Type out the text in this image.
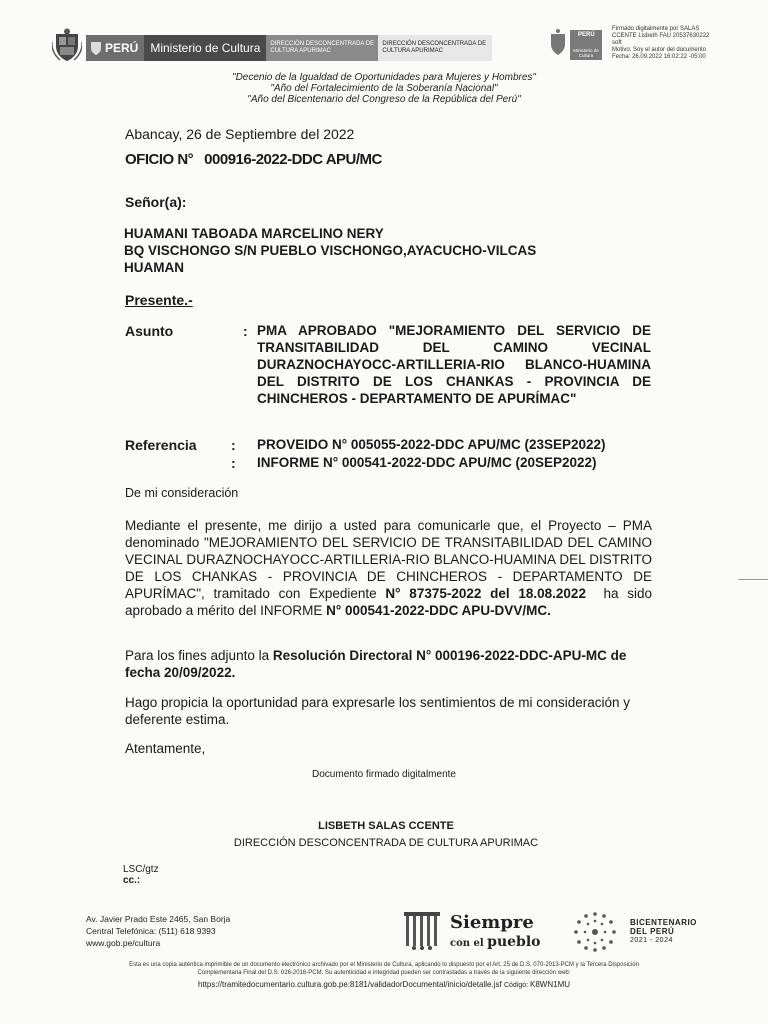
PERÚ	Ministerio de Cultura	DIRECCIÓN DESCONCENTRADA DE CULTURA APURIMAC
DIRECCIÓN DESCONCENTRADA DE CULTURA APURIMAC
PERÚ
Ministerio de Cultura
Firmado digitalmente por SALAS
CCENTE Lisbeth FAU 20537630222
soft
Motivo: Soy el autor del documento
Fecha: 26.09.2022 16:02:22 -05:00
"Decenio de la Igualdad de Oportunidades para Mujeres y Hombres"
"Año del Fortalecimiento de la Soberanía Nacional"
"Año del Bicentenario del Congreso de la República del Perú"
Abancay, 26 de Septiembre del 2022
OFICIO N°   000916-2022-DDC APU/MC
Señor(a):
HUAMANI TABOADA MARCELINO NERY
BQ VISCHONGO S/N PUEBLO VISCHONGO,AYACUCHO-VILCAS
HUAMAN
Presente.-
Asunto	: PMA APROBADO "MEJORAMIENTO DEL SERVICIO DE TRANSITABILIDAD DEL CAMINO VECINAL DURAZNOCHAYOCC-ARTILLERIA-RIO BLANCO-HUAMINA DEL DISTRITO DE LOS CHANKAS - PROVINCIA DE CHINCHEROS - DEPARTAMENTO DE APURÍMAC"
Referencia : PROVEIDO N° 005055-2022-DDC APU/MC (23SEP2022)
: INFORME N° 000541-2022-DDC APU/MC (20SEP2022)
De mi consideración
Mediante el presente, me dirijo a usted para comunicarle que, el Proyecto – PMA denominado "MEJORAMIENTO DEL SERVICIO DE TRANSITABILIDAD DEL CAMINO VECINAL DURAZNOCHAYOCC-ARTILLERIA-RIO BLANCO-HUAMINA DEL DISTRITO DE LOS CHANKAS - PROVINCIA DE CHINCHEROS - DEPARTAMENTO DE APURÍMAC", tramitado con Expediente N° 87375-2022 del 18.08.2022  ha sido aprobado a mérito del INFORME N° 000541-2022-DDC APU-DVV/MC.
Para los fines adjunto la Resolución Directoral N° 000196-2022-DDC-APU-MC de fecha 20/09/2022.
Hago propicia la oportunidad para expresarle los sentimientos de mi consideración y deferente estima.
Atentamente,
Documento firmado digitalmente
LISBETH SALAS CCENTE
DIRECCIÓN DESCONCENTRADA DE CULTURA APURIMAC
LSC/gtz
cc.:
Av. Javier Prado Este 2465, San Borja
Central Telefónica: (511) 618 9393
www.gob.pe/cultura
Siempre
con el pueblo
BICENTENARIO
DEL PERÚ
2021 - 2024
Esta es una copia auténtica imprimible de un documento electrónico archivado por el Ministerio de Cultura, aplicando lo dispuesto por el Art. 25 de D.S. 070-2013-PCM y la Tercera Disposición
Complementaria Final del D.S. 026-2016-PCM. Su autenticidad e integridad pueden ser contrastadas a través de la siguiente dirección web:
https://tramitedocumentario.cultura.gob.pe:8181/validadorDocumental/inicio/detalle.jsf Código: K8WN1MU
